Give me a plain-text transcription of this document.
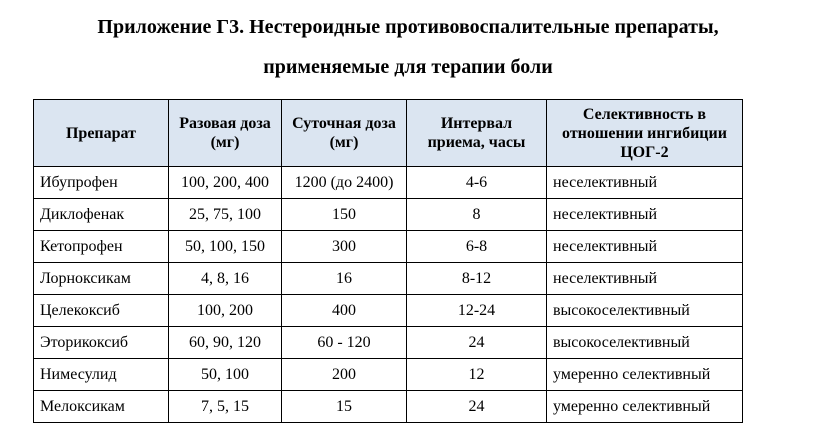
Приложение Г3. Нестероидные противовоспалительные препараты,
применяемые для терапии боли
Препарат	Разовая доза (мг)	Суточная доза (мг)	Интервал приема, часы	Селективность в отношении ингибиции ЦОГ-2
Ибупрофен	100, 200, 400	1200 (до 2400)	4-6	неселективный
Диклофенак	25, 75, 100	150	8	неселективный
Кетопрофен	50, 100, 150	300	6-8	неселективный
Лорноксикам	4, 8, 16	16	8-12	неселективный
Целекоксиб	100, 200	400	12-24	высокоселективный
Эторикоксиб	60, 90, 120	60 - 120	24	высокоселективный
Нимесулид	50, 100	200	12	умеренно селективный
Мелоксикам	7, 5, 15	15	24	умеренно селективный
